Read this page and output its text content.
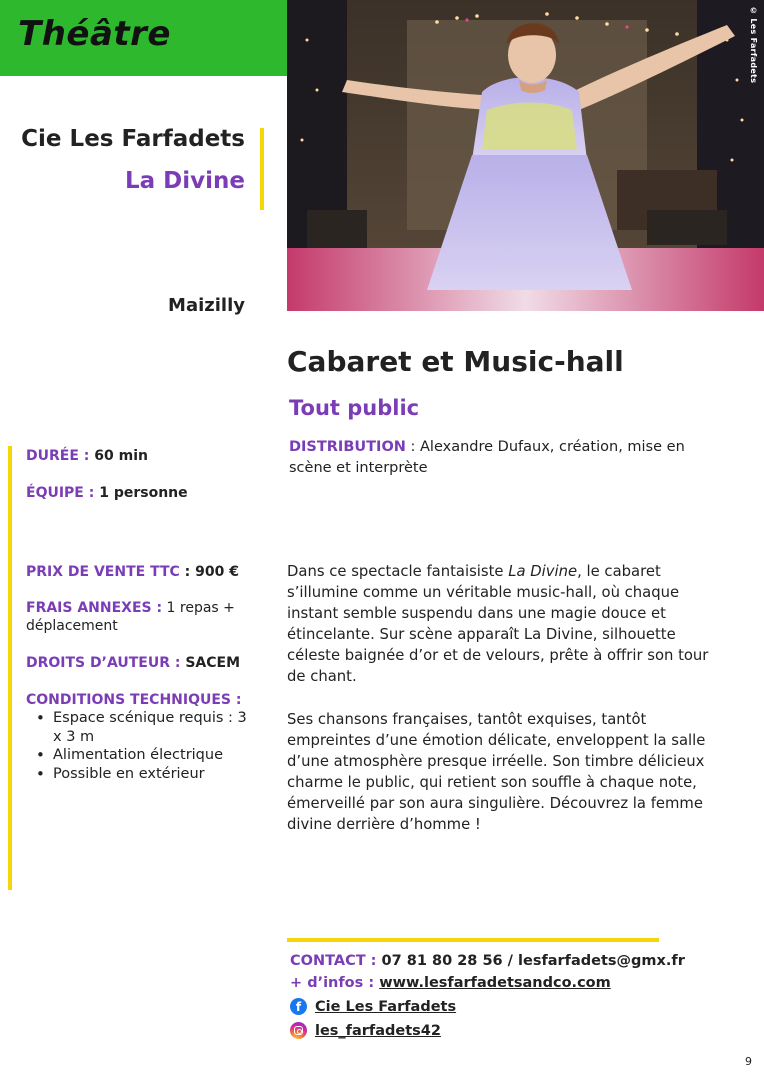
Théâtre	© Les Farfadets
Cie Les Farfadets
La Divine
Maizilly
Cabaret et Music-hall
Tout public
DISTRIBUTION : Alexandre Dufaux, création, mise en scène et interprète
DURÉE : 60 min
ÉQUIPE : 1 personne
PRIX DE VENTE TTC : 900 €
FRAIS ANNEXES : 1 repas + déplacement
DROITS D’AUTEUR : SACEM
CONDITIONS TECHNIQUES :
• Espace scénique requis : 3 x 3 m
• Alimentation électrique
• Possible en extérieur

Dans ce spectacle fantaisiste La Divine, le cabaret s’illumine comme un véritable music-hall, où chaque instant semble suspendu dans une magie douce et étincelante. Sur scène apparaît La Divine, silhouette céleste baignée d’or et de velours, prête à offrir son tour de chant.

Ses chansons françaises, tantôt exquises, tantôt empreintes d’une émotion délicate, enveloppent la salle d’une atmosphère presque irréelle. Son timbre délicieux charme le public, qui retient son souffle à chaque note, émerveillé par son aura singulière. Découvrez la femme divine derrière d’homme !

CONTACT : 07 81 80 28 56 / lesfarfadets@gmx.fr
+ d’infos : www.lesfarfadetsandco.com
f Cie Les Farfadets
les_farfadets42
9
